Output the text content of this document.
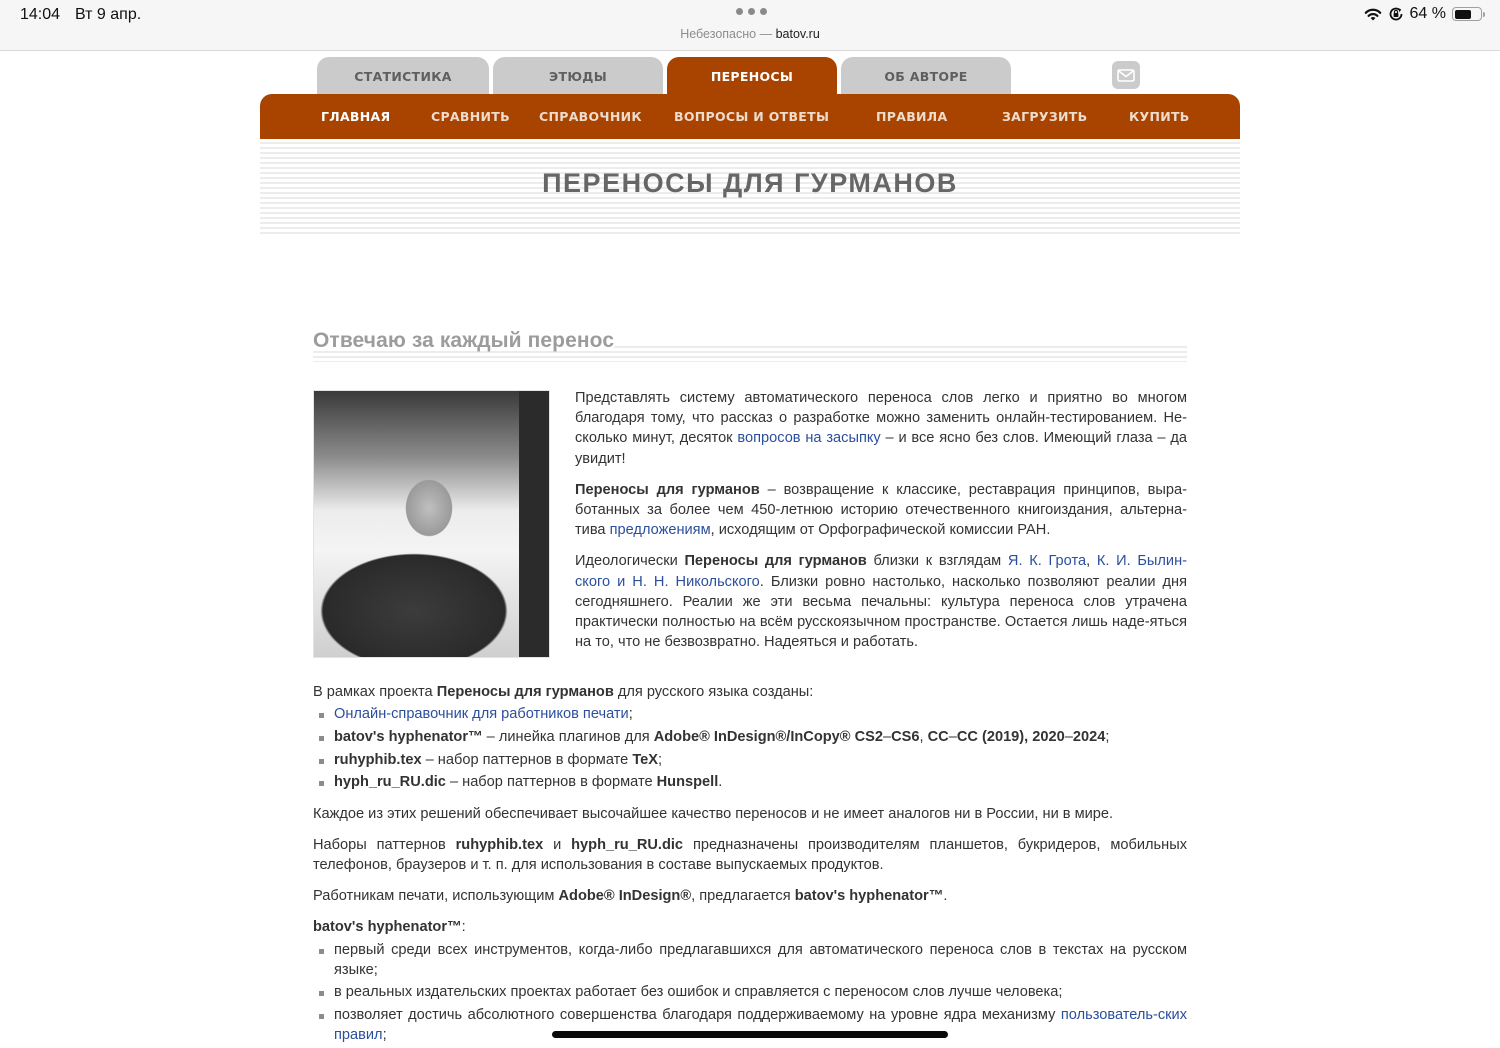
14:04 Вт 9 апр.
Небезопасно — batov.ru
64 %
СТАТИСТИКА	ЭТЮДЫ	ПЕРЕНОСЫ	ОБ АВТОРЕ
ГЛАВНАЯ	СРАВНИТЬ СПРАВОЧНИК	ВОПРОСЫ И ОТВЕТЫ	ПРАВИЛА	ЗАГРУЗИТЬ	КУПИТЬ
ПЕРЕНОСЫ ДЛЯ ГУРМАНОВ
Отвечаю за каждый перенос

Представлять систему автоматического переноса слов легко и приятно во многом благодаря тому, что рассказ о разработке можно заменить онлайн-тестированием. Не-сколько минут, десяток вопросов на засыпку – и все ясно без слов. Имеющий глаза – да увидит!

Переносы для гурманов – возвращение к классике, реставрация принципов, выра-ботанных за более чем 450-летнюю историю отечественного книгоиздания, альтерна-тива предложениям, исходящим от Орфографической комиссии РАН.

Идеологически Переносы для гурманов близки к взглядам Я. К. Грота, К. И. Былин-ского и Н. Н. Никольского. Близки ровно настолько, насколько позволяют реалии дня сегодняшнего. Реалии же эти весьма печальны: культура переноса слов утрачена практически полностью на всём русскоязычном пространстве. Остается лишь наде-яться на то, что не безвозвратно. Надеяться и работать.

В рамках проекта Переносы для гурманов для русского языка созданы:

Онлайн-справочник для работников печати;
batov's hyphenator™ – линейка плагинов для Adobe® InDesign®/InCopy® CS2–CS6, CC–CC (2019), 2020–2024;
ruhyphib.tex – набор паттернов в формате TeX;
hyph_ru_RU.dic – набор паттернов в формате Hunspell.

Каждое из этих решений обеспечивает высочайшее качество переносов и не имеет аналогов ни в России, ни в мире.

Наборы паттернов ruhyphib.tex и hyph_ru_RU.dic предназначены производителям планшетов, букридеров, мобильных телефонов, браузеров и т. п. для использования в составе выпускаемых продуктов.

Работникам печати, использующим Adobe® InDesign®, предлагается batov's hyphenator™.

batov's hyphenator™:

первый среди всех инструментов, когда-либо предлагавшихся для автоматического переноса слов в текстах на русском языке;
в реальных издательских проектах работает без ошибок и справляется с переносом слов лучше человека;
позволяет достичь абсолютного совершенства благодаря поддерживаемому на уровне ядра механизму пользователь-ских правил;
